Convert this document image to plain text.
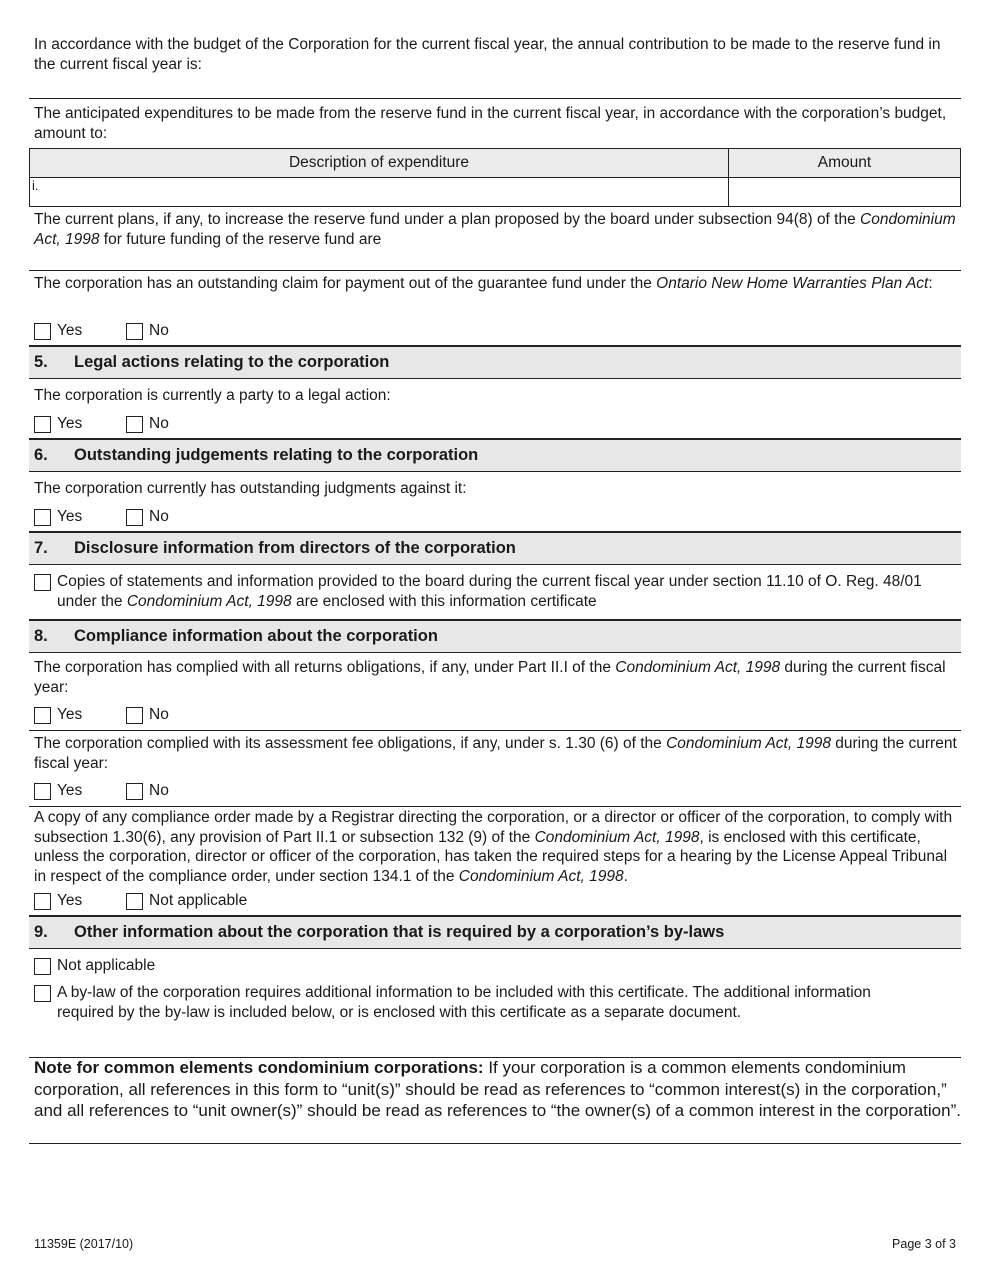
In accordance with the budget of the Corporation for the current fiscal year, the annual contribution to be made to the reserve fund in the current fiscal year is:
The anticipated expenditures to be made from the reserve fund in the current fiscal year, in accordance with the corporation’s budget, amount to:
Description of expenditure	Amount
i.	
The current plans, if any, to increase the reserve fund under a plan proposed by the board under subsection 94(8) of the Condominium Act, 1998 for future funding of the reserve fund are
The corporation has an outstanding claim for payment out of the guarantee fund under the Ontario New Home Warranties Plan Act:
Yes	No
5. Legal actions relating to the corporation
The corporation is currently a party to a legal action:
Yes	No
6. Outstanding judgements relating to the corporation
The corporation currently has outstanding judgments against it:
Yes	No
7. Disclosure information from directors of the corporation
Copies of statements and information provided to the board during the current fiscal year under section 11.10 of O. Reg. 48/01 under the Condominium Act, 1998 are enclosed with this information certificate
8. Compliance information about the corporation
The corporation has complied with all returns obligations, if any, under Part II.I of the Condominium Act, 1998 during the current fiscal year:
Yes	No
The corporation complied with its assessment fee obligations, if any, under s. 1.30 (6) of the Condominium Act, 1998 during the current fiscal year:
Yes	No
A copy of any compliance order made by a Registrar directing the corporation, or a director or officer of the corporation, to comply with subsection 1.30(6), any provision of Part II.1 or subsection 132 (9) of the Condominium Act, 1998, is enclosed with this certificate, unless the corporation, director or officer of the corporation, has taken the required steps for a hearing by the License Appeal Tribunal in respect of the compliance order, under section 134.1 of the Condominium Act, 1998.
Yes	Not applicable
9. Other information about the corporation that is required by a corporation’s by-laws
Not applicable
A by-law of the corporation requires additional information to be included with this certificate. The additional information required by the by-law is included below, or is enclosed with this certificate as a separate document.
Note for common elements condominium corporations: If your corporation is a common elements condominium corporation, all references in this form to “unit(s)” should be read as references to “common interest(s) in the corporation,” and all references to “unit owner(s)” should be read as references to “the owner(s) of a common interest in the corporation”.
11359E (2017/10)	Page 3 of 3
